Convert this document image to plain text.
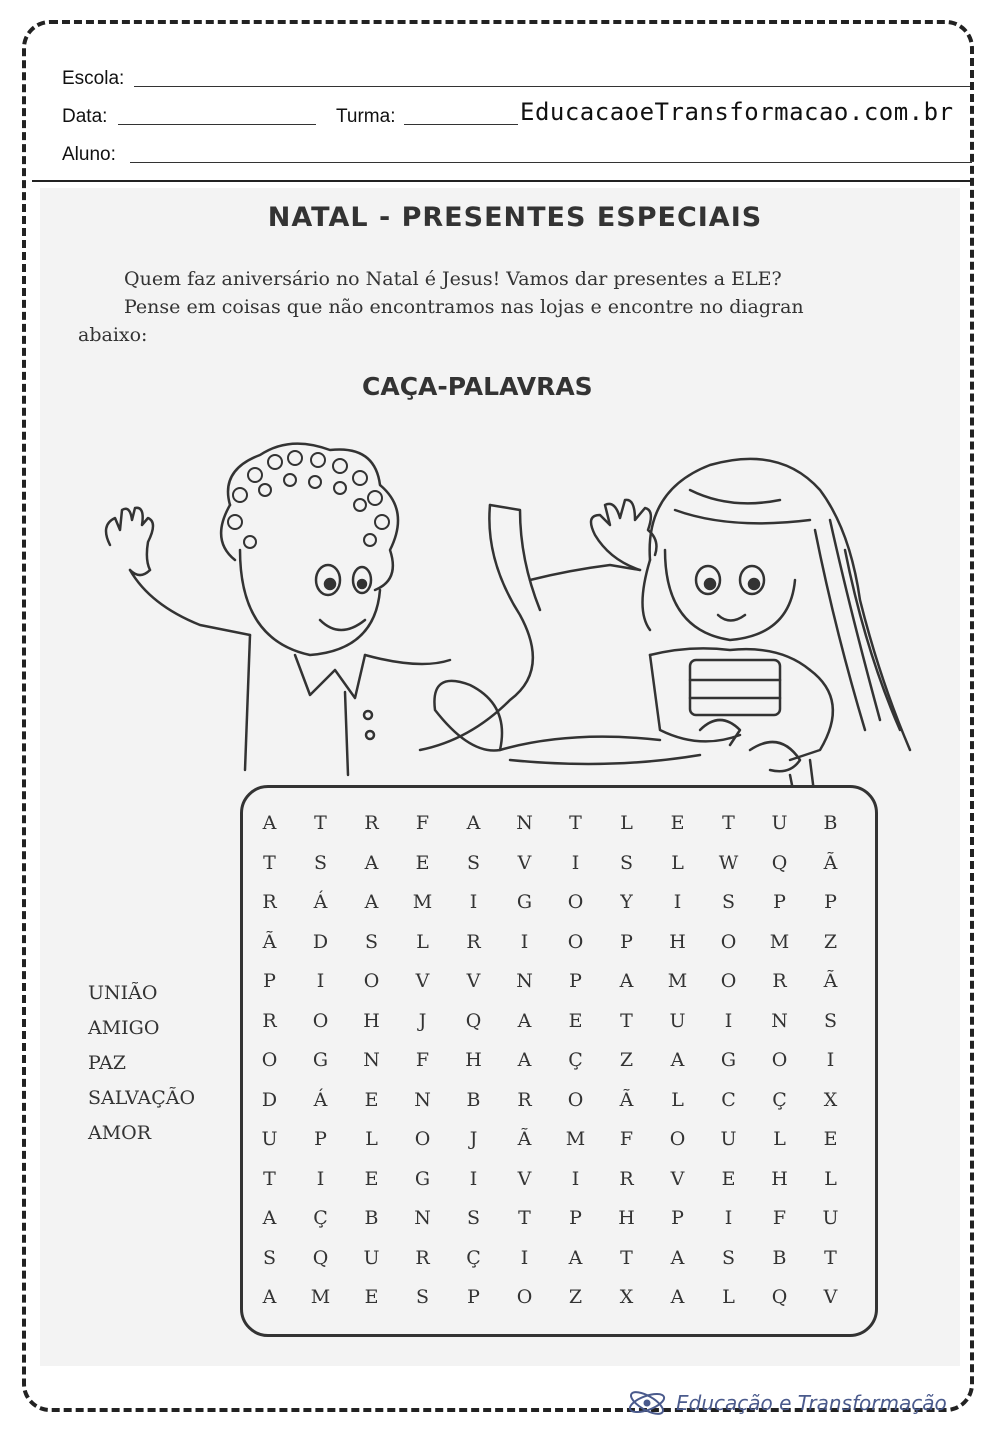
Escola:
Data:	Turma:	EducacaoeTransformacao.com.br
Aluno:
NATAL - PRESENTES ESPECIAIS
Quem faz aniversário no Natal é Jesus! Vamos dar presentes a ELE?
Pense em coisas que não encontramos nas lojas e encontre no diagran
abaixo:
CAÇA-PALAVRAS
A	T	R	F	A	N	T	L	E	T	U	B
T	S	A	E	S	V	I	S	L	W	Q	Ã
R	Á	A	M	I	G	O	Y	I	S	P	P
Ã	D	S	L	R	I	O	P	H	O	M	Z
P	I	O	V	V	N	P	A	M	O	R	Ã
R	O	H	J	Q	A	E	T	U	I	N	S
O	G	N	F	H	A	Ç	Z	A	G	O	I
D	Á	E	N	B	R	O	Ã	L	C	Ç	X
U	P	L	O	J	Ã	M	F	O	U	L	E
T	I	E	G	I	V	I	R	V	E	H	L
A	Ç	B	N	S	T	P	H	P	I	F	U
S	Q	U	R	Ç	I	A	T	A	S	B	T
A	M	E	S	P	O	Z	X	A	L	Q	V
UNIÃO
AMIGO
PAZ
SALVAÇÃO
AMOR
Educação e Transformação
